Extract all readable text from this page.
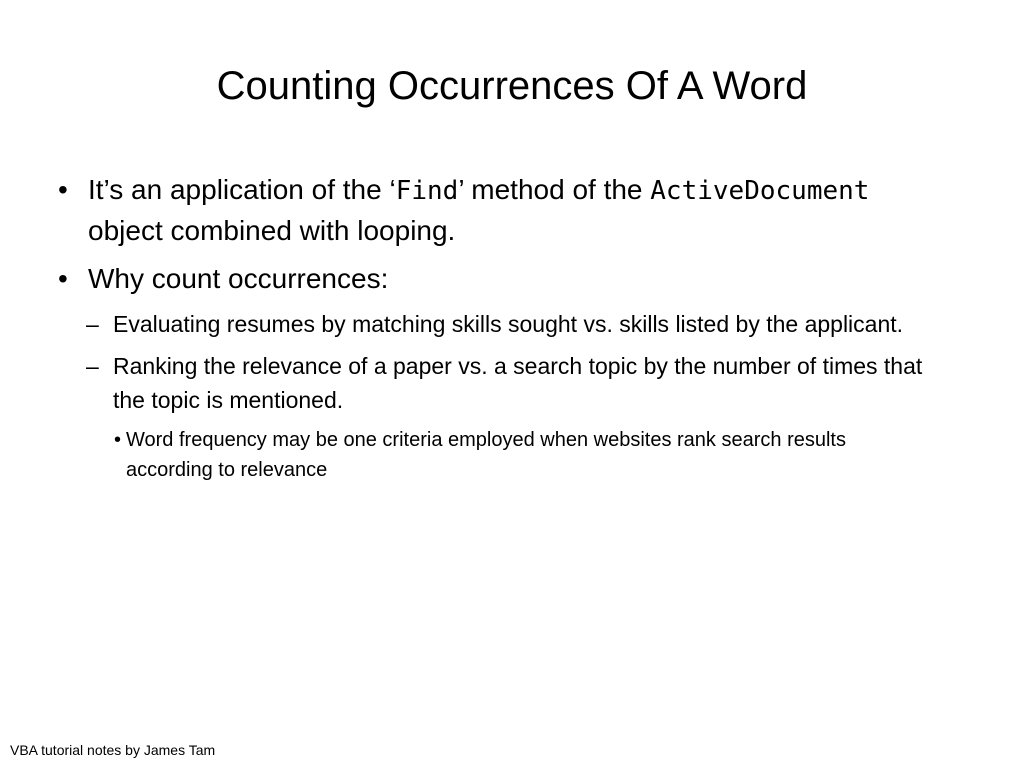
Counting Occurrences Of A Word
• It’s an application of the ‘Find’ method of the ActiveDocument object combined with looping.
• Why count occurrences:
– Evaluating resumes by matching skills sought vs. skills listed by the applicant.
– Ranking the relevance of a paper vs. a search topic by the number of times that the topic is mentioned.
• Word frequency may be one criteria employed when websites rank search results according to relevance
VBA tutorial notes by James Tam
